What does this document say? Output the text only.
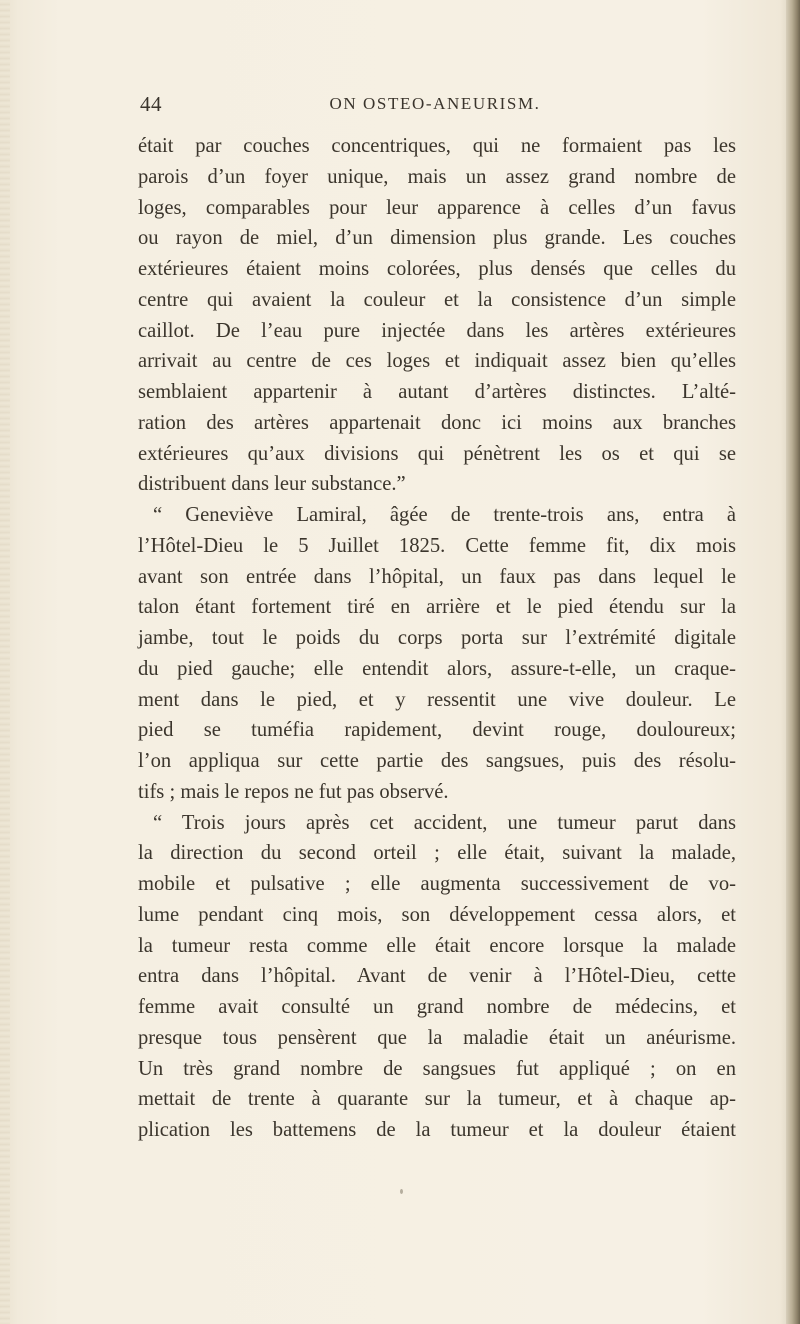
44	ON OSTEO-ANEURISM.
était par couches concentriques, qui ne formaient pas les
parois d’un foyer unique, mais un assez grand nombre de
loges, comparables pour leur apparence à celles d’un favus
ou rayon de miel, d’un dimension plus grande. Les couches
extérieures étaient moins colorées, plus densés que celles du
centre qui avaient la couleur et la consistence d’un simple
caillot. De l’eau pure injectée dans les artères extérieures
arrivait au centre de ces loges et indiquait assez bien qu’elles
semblaient appartenir à autant d’artères distinctes. L’alté-
ration des artères appartenait donc ici moins aux branches
extérieures qu’aux divisions qui pénètrent les os et qui se
distribuent dans leur substance.”
“ Geneviève Lamiral, âgée de trente-trois ans, entra à
l’Hôtel-Dieu le 5 Juillet 1825. Cette femme fit, dix mois
avant son entrée dans l’hôpital, un faux pas dans lequel le
talon étant fortement tiré en arrière et le pied étendu sur la
jambe, tout le poids du corps porta sur l’extrémité digitale
du pied gauche; elle entendit alors, assure-t-elle, un craque-
ment dans le pied, et y ressentit une vive douleur. Le
pied se tuméfia rapidement, devint rouge, douloureux;
l’on appliqua sur cette partie des sangsues, puis des résolu-
tifs ; mais le repos ne fut pas observé.
“ Trois jours après cet accident, une tumeur parut dans
la direction du second orteil ; elle était, suivant la malade,
mobile et pulsative ; elle augmenta successivement de vo-
lume pendant cinq mois, son développement cessa alors, et
la tumeur resta comme elle était encore lorsque la malade
entra dans l’hôpital. Avant de venir à l’Hôtel-Dieu, cette
femme avait consulté un grand nombre de médecins, et
presque tous pensèrent que la maladie était un anéurisme.
Un très grand nombre de sangsues fut appliqué ; on en
mettait de trente à quarante sur la tumeur, et à chaque ap-
plication les battemens de la tumeur et la douleur étaient
